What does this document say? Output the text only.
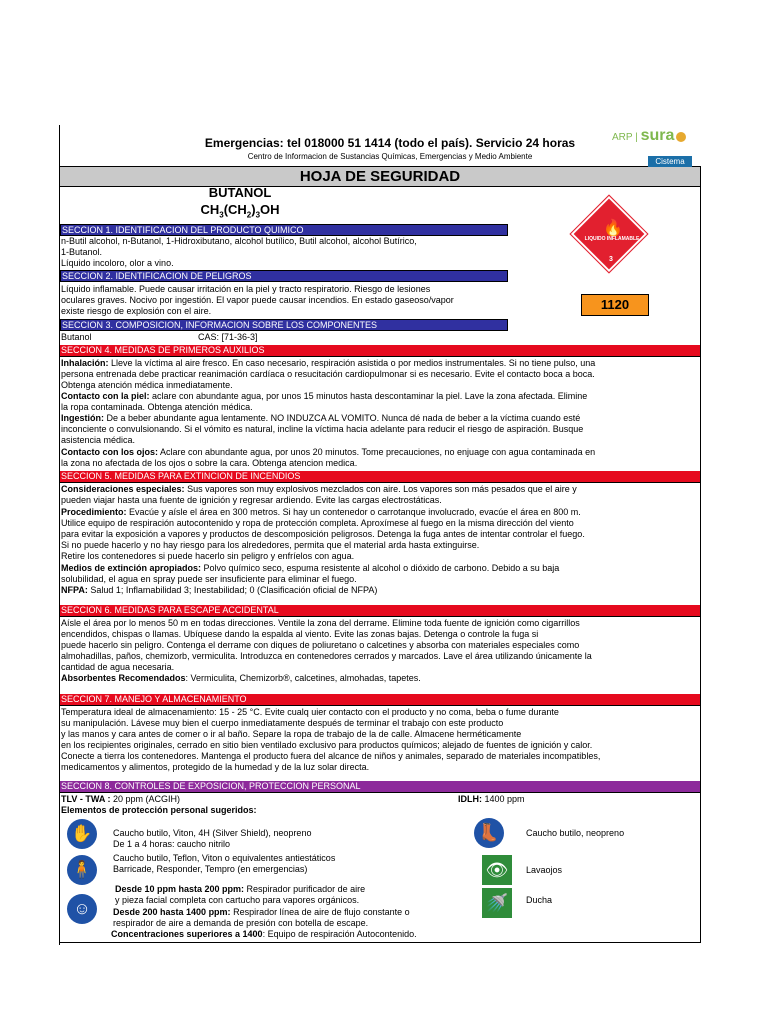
Emergencias: tel 018000 51 1414 (todo el país). Servicio 24 horas
Centro de Informacion de Sustancias Químicas, Emergencias y Medio Ambiente
ARP | sura
Cistema
HOJA DE SEGURIDAD
BUTANOL
$CH_3(CH_2)_3OH$
🔥
LIQUIDO INFLAMABLE
3
1120
SECCION 1. IDENTIFICACION DEL PRODUCTO QUIMICO
n-Butil alcohol, n-Butanol, 1-Hidroxibutano, alcohol butílico, Butil alcohol, alcohol Butírico,
1-Butanol.
Líquido incoloro, olor a vino.
SECCION 2. IDENTIFICACION DE PELIGROS
Líquido inflamable. Puede causar irritación en la piel y tracto respiratorio. Riesgo de lesiones
oculares graves. Nocivo por ingestión. El vapor puede causar incendios. En estado gaseoso/vapor
existe riesgo de explosión con el aire.
SECCION 3. COMPOSICION, INFORMACION SOBRE LOS COMPONENTES
Butanol	CAS: [71-36-3]
SECCION 4. MEDIDAS DE PRIMEROS AUXILIOS
Inhalación: Lleve la víctima al aire fresco. En caso necesario, respiración asistida o por medios instrumentales. Si no tiene pulso, una
persona entrenada debe practicar reanimación cardíaca o resucitación cardiopulmonar si es necesario. Evite el contacto boca a boca.
Obtenga atención médica inmediatamente.
Contacto con la piel: aclare con abundante agua, por unos 15 minutos hasta descontaminar la piel. Lave la zona afectada. Elimine
la ropa contaminada. Obtenga atención médica.
Ingestión: De a beber abundante agua lentamente. NO INDUZCA AL VOMITO. Nunca dé nada de beber a la víctima cuando esté
inconciente o convulsionando. Si el vómito es natural, incline la víctima hacia adelante para reducir el riesgo de aspiración. Busque
asistencia médica.
Contacto con los ojos: Aclare con abundante agua, por unos 20 minutos. Tome precauciones, no enjuage con agua contaminada en
la zona no afectada de los ojos o sobre la cara. Obtenga atencion medica.
SECCION 5. MEDIDAS PARA EXTINCION DE INCENDIOS
Consideraciones especiales: Sus vapores son muy explosivos mezclados con aire. Los vapores son más pesados que el aire y
pueden viajar hasta una fuente de ignición y regresar ardiendo. Evite las cargas electrostáticas.
Procedimiento: Evacúe y aísle el área en 300 metros. Si hay un contenedor o carrotanque involucrado, evacúe el área en 800 m.
Utilice equipo de respiración autocontenido y ropa de protección completa. Aproxímese al fuego en la misma dirección del viento
para evitar la exposición a vapores y productos de descomposición peligrosos. Detenga la fuga antes de intentar controlar el fuego.
Si no puede hacerlo y no hay riesgo para los alrededores, permita que el material arda hasta extinguirse.
Retire los contenedores si puede hacerlo sin peligro y enfríelos con agua.
Medios de extinción apropiados: Polvo químico seco, espuma resistente al alcohol o dióxido de carbono. Debido a su baja
solubilidad, el agua en spray puede ser insuficiente para eliminar el fuego.
NFPA: Salud 1; Inflamabilidad 3; Inestabilidad; 0 (Clasificación oficial de NFPA)
SECCION 6. MEDIDAS PARA ESCAPE ACCIDENTAL
Aísle el área por lo menos 50 m en todas direcciones. Ventile la zona del derrame. Elimine toda fuente de ignición como cigarrillos
encendidos, chispas o llamas. Ubíquese dando la espalda al viento. Evite las zonas bajas. Detenga o controle la fuga si
puede hacerlo sin peligro. Contenga el derrame con diques de poliuretano o calcetines y absorba con materiales especiales como
almohadillas, paños, chemizorb, vermiculita. Introduzca en contenedores cerrados y marcados. Lave el área utilizando únicamente la
cantidad de agua necesaria.
Absorbentes Recomendados: Vermiculita, Chemizorb®, calcetines, almohadas, tapetes.
SECCION 7. MANEJO Y ALMACENAMIENTO
Temperatura ideal de almacenamiento: 15 - 25 °C. Evite cualq uier contacto con el producto y no coma, beba o fume durante
su manipulación. Lávese muy bien el cuerpo inmediatamente después de terminar el trabajo con este producto
y las manos y cara antes de comer o ir al baño. Separe la ropa de trabajo de la de calle. Almacene herméticamente
en los recipientes originales, cerrado en sitio bien ventilado exclusivo para productos químicos; alejado de fuentes de ignición y calor.
Conecte a tierra los contenedores. Mantenga el producto fuera del alcance de niños y animales, separado de materiales incompatibles,
medicamentos y alimentos, protegido de la humedad y de la luz solar directa.
SECCION 8. CONTROLES DE EXPOSICION, PROTECCION PERSONAL
TLV - TWA : 20 ppm (ACGIH)	IDLH: 1400 ppm
Elementos de protección personal sugeridos:
✋	Caucho butilo, Viton, 4H (Silver Shield), neopreno
De 1 a 4 horas: caucho nitrilo
👢	Caucho butilo, neopreno
🧍
Caucho butilo, Teflon, Viton o equivalentes antiestáticos
Barricade, Responder, Tempro (en emergencias)	👁	Lavaojos
☺
Desde 10 ppm hasta 200 ppm: Respirador purificador de aire
y pieza facial completa con cartucho para vapores orgánicos.
Desde 200 hasta 1400 ppm: Respirador línea de aire de flujo constante o
respirador de aire a demanda de presión con botella de escape.
🚿	Ducha
Concentraciones superiores a 1400: Equipo de respiración Autocontenido.
